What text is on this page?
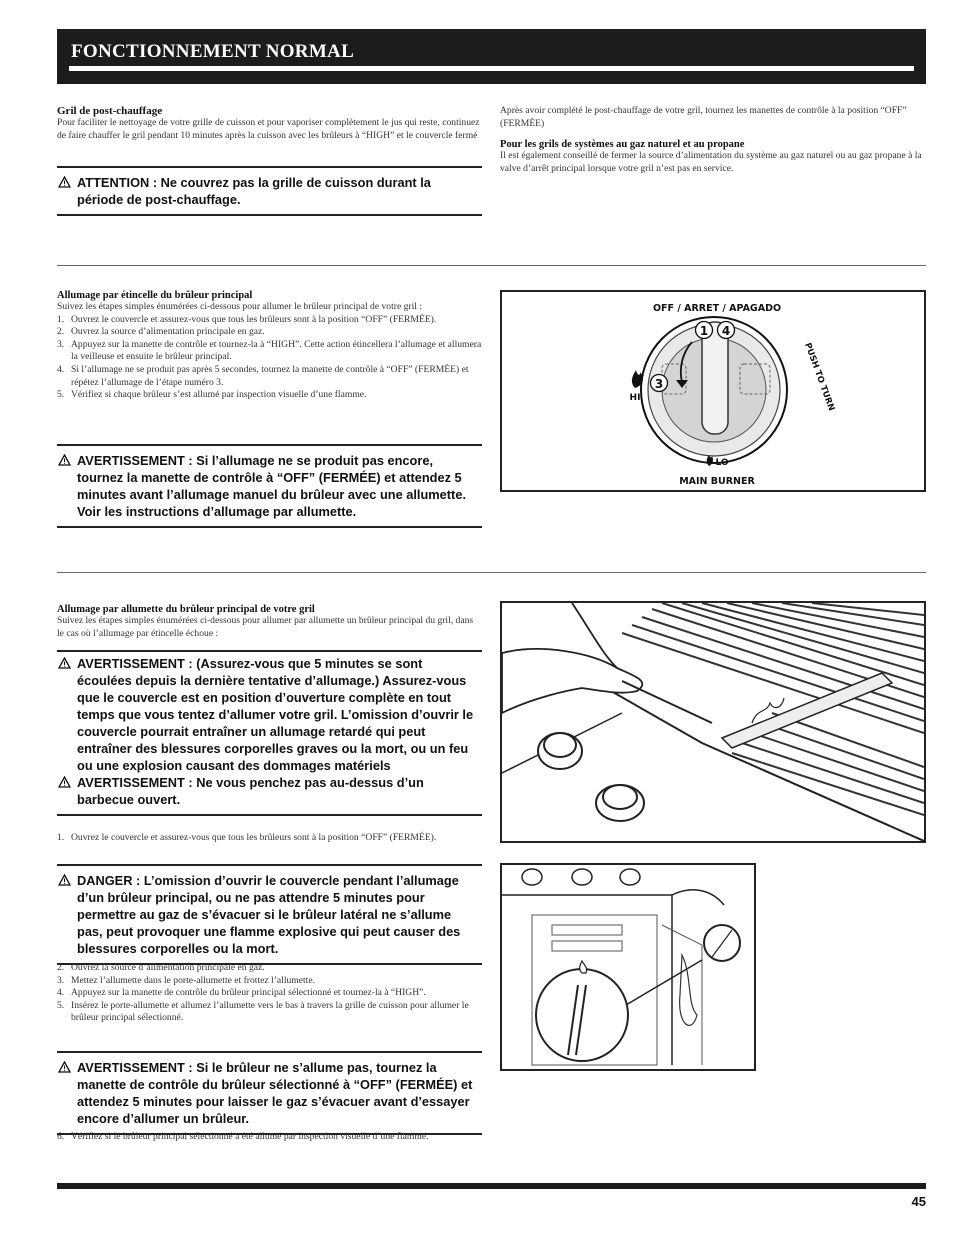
FONCTIONNEMENT NORMAL
Gril de post-chauffage
Pour faciliter le nettoyage de votre grille de cuisson et pour vaporiser complètement le jus qui reste, continuez de faire chauffer le gril pendant 10 minutes après la cuisson avec les brûleurs à “HIGH” et le couvercle fermé

ATTENTION : Ne couvrez pas la grille de cuisson durant la période de post-chauffage.

Après avoir complété le post-chauffage de votre gril, tournez les manettes de contrôle à la position “OFF” (FERMÉE)
Pour les grils de systèmes au gaz naturel et au propane
Il est également conseillé de fermer la source d’alimentation du système au gaz naturel ou au gaz propane à la valve d’arrêt principal lorsque votre gril n’est pas en service.
Allumage par étincelle du brûleur principal
Suivez les étapes simples énumérées ci-dessous pour allumer le brûleur principal de votre gril :
1. Ouvrez le couvercle et assurez-vous que tous les brûleurs sont à la position “OFF” (FERMÉE).
2. Ouvrez la source d’alimentation principale en gaz.
3. Appuyez sur la manette de contrôle et tournez-la à “HIGH”. Cette action étincellera l’allumage et allumera la veilleuse et ensuite le brûleur principal.
4. Si l’allumage ne se produit pas après 5 secondes, tournez la manette de contrôle à “OFF” (FERMÉE) et répétez l’allumage de l’étape numéro 3.
5. Vérifiez si chaque brûleur s’est allumé par inspection visuelle d’une flamme.

AVERTISSEMENT : Si l’allumage ne se produit pas encore, tournez la manette de contrôle à “OFF” (FERMÉE) et attendez 5 minutes avant l’allumage manuel du brûleur avec une allumette. Voir les instructions d’allumage par allumette.

OFF / ARRET / APAGADO
MAIN BURNER
1 4
3
HI
LO
PUSH TO TURN
Allumage par allumette du brûleur principal de votre gril
Suivez les étapes simples énumérées ci-dessous pour allumer par allumette un brûleur principal du gril, dans le cas où l’allumage par étincelle échoue :

AVERTISSEMENT : (Assurez-vous que 5 minutes se sont écoulées depuis la dernière tentative d’allumage.) Assurez-vous que le couvercle est en position d’ouverture complète en tout temps que vous tentez d’allumer votre gril. L’omission d’ouvrir le couvercle pourrait entraîner un allumage retardé qui peut entraîner des blessures corporelles graves ou la mort, ou un feu ou une explosion causant des dommages matériels

AVERTISSEMENT : Ne vous penchez pas au-dessus d’un barbecue ouvert.

1. Ouvrez le couvercle et assurez-vous que tous les brûleurs sont à la position “OFF” (FERMÉE).

DANGER : L’omission d’ouvrir le couvercle pendant l’allumage d’un brûleur principal, ou ne pas attendre 5 minutes pour permettre au gaz de s’évacuer si le brûleur latéral ne s’allume pas, peut provoquer une flamme explosive qui peut causer des blessures corporelles ou la mort.

2. Ouvrez la source d’alimentation principale en gaz.
3. Mettez l’allumette dans le porte-allumette et frottez l’allumette.
4. Appuyez sur la manette de contrôle du brûleur principal sélectionné et tournez-la à “HIGH”.
5. Insérez le porte-allumette et allumez l’allumette vers le bas à travers la grille de cuisson pour allumer le brûleur principal sélectionné.

AVERTISSEMENT : Si le brûleur ne s’allume pas, tournez la manette de contrôle du brûleur sélectionné à “OFF” (FERMÉE) et attendez 5 minutes pour laisser le gaz s’évacuer avant d’essayer encore d’allumer un brûleur.

6. Vérifiez si le brûleur principal sélectionné a été allumé par inspection visuelle d’une flamme.
45
